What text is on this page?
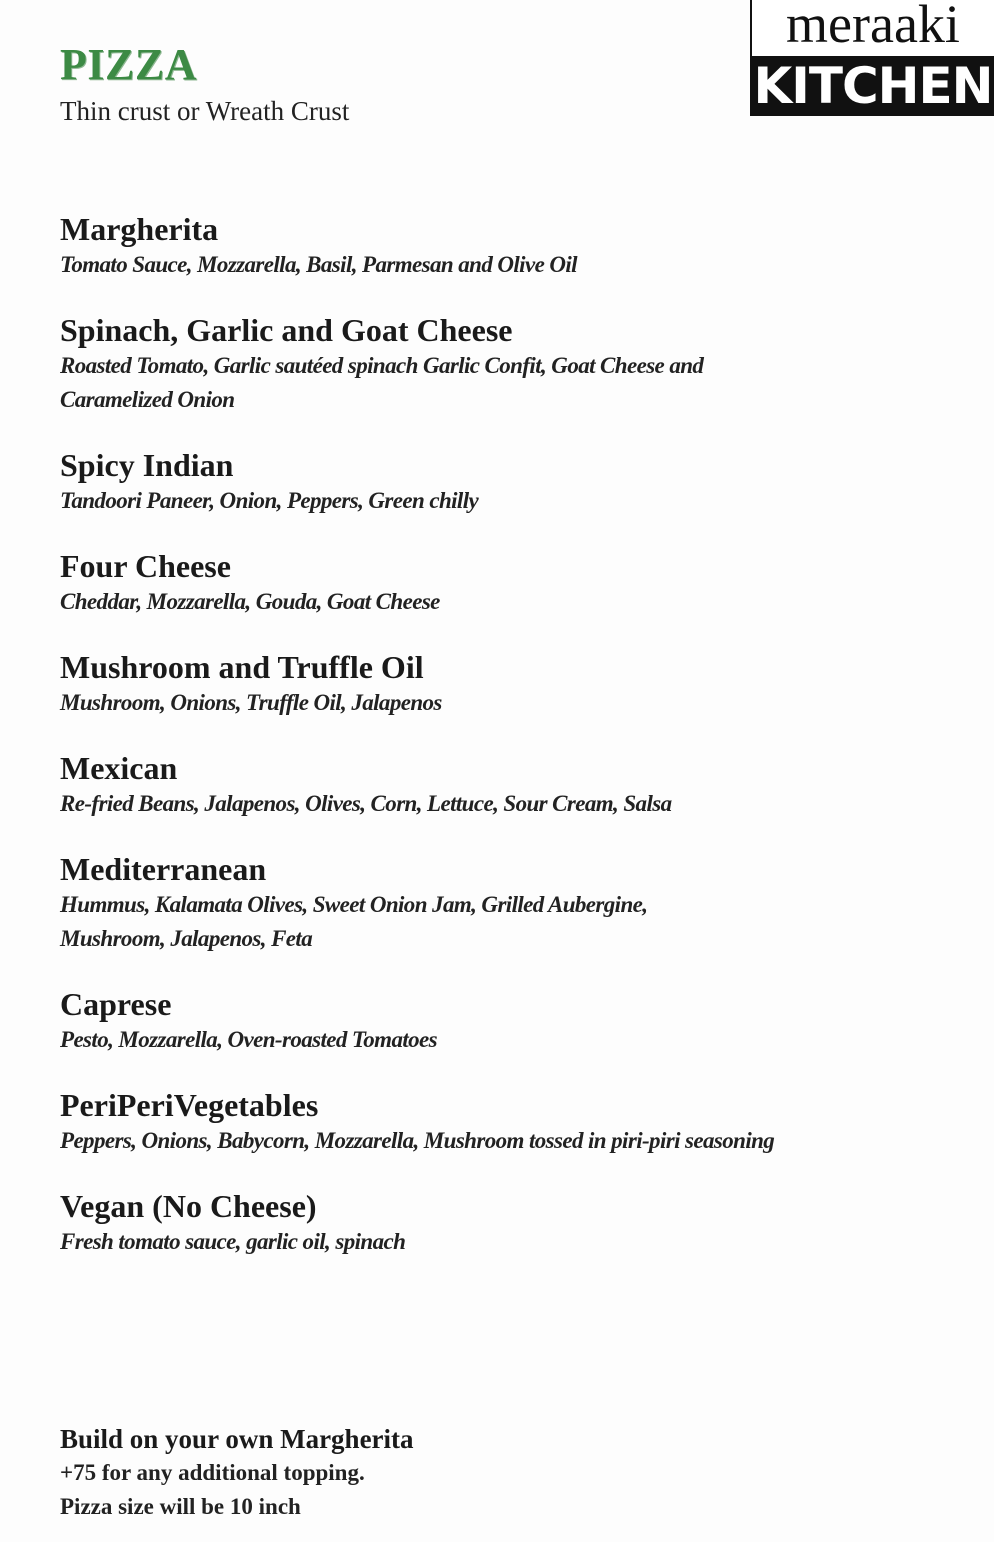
PIZZA
Thin crust or Wreath Crust
meraaki
KITCHEN
Margherita
Tomato Sauce, Mozzarella, Basil, Parmesan and Olive Oil
Spinach, Garlic and Goat Cheese
Roasted Tomato, Garlic sautéed spinach Garlic Confit, Goat Cheese and
Caramelized Onion
Spicy Indian
Tandoori Paneer, Onion, Peppers, Green chilly
Four Cheese
Cheddar, Mozzarella, Gouda, Goat Cheese
Mushroom and Truffle Oil
Mushroom, Onions, Truffle Oil, Jalapenos
Mexican
Re-fried Beans, Jalapenos, Olives, Corn, Lettuce, Sour Cream, Salsa
Mediterranean
Hummus, Kalamata Olives, Sweet Onion Jam, Grilled Aubergine,
Mushroom, Jalapenos, Feta
Caprese
Pesto, Mozzarella, Oven-roasted Tomatoes
PeriPeriVegetables
Peppers, Onions, Babycorn, Mozzarella, Mushroom tossed in piri-piri seasoning
Vegan (No Cheese)
Fresh tomato sauce, garlic oil, spinach
Build on your own Margherita
+75 for any additional topping.
Pizza size will be 10 inch
